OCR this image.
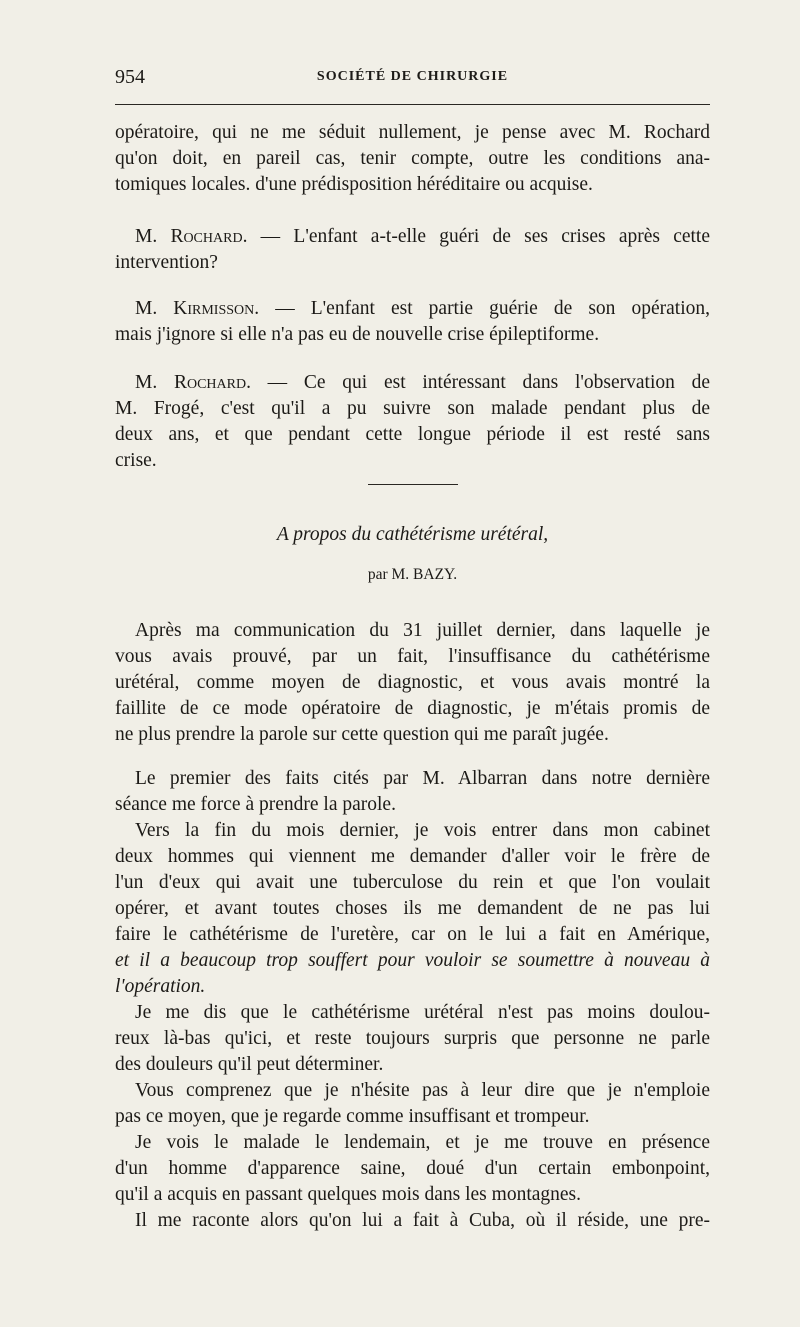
954	SOCIÉTÉ DE CHIRURGIE

opératoire, qui ne me séduit nullement, je pense avec M. Rochard

qu'on doit, en pareil cas, tenir compte, outre les conditions ana-

tomiques locales. d'une prédisposition héréditaire ou acquise.

M. Rochard. — L'enfant a-t-elle guéri de ses crises après cette

intervention?

M. Kirmisson. — L'enfant est partie guérie de son opération,

mais j'ignore si elle n'a pas eu de nouvelle crise épileptiforme.

M. Rochard. — Ce qui est intéressant dans l'observation de

M. Frogé, c'est qu'il a pu suivre son malade pendant plus de

deux ans, et que pendant cette longue période il est resté sans

crise.

A propos du cathétérisme urétéral,
par M. BAZY.

Après ma communication du 31 juillet dernier, dans laquelle je

vous avais prouvé, par un fait, l'insuffisance du cathétérisme

urétéral, comme moyen de diagnostic, et vous avais montré la

faillite de ce mode opératoire de diagnostic, je m'étais promis de

ne plus prendre la parole sur cette question qui me paraît jugée.

Le premier des faits cités par M. Albarran dans notre dernière

séance me force à prendre la parole.

Vers la fin du mois dernier, je vois entrer dans mon cabinet

deux hommes qui viennent me demander d'aller voir le frère de

l'un d'eux qui avait une tuberculose du rein et que l'on voulait

opérer, et avant toutes choses ils me demandent de ne pas lui

faire le cathétérisme de l'uretère, car on le lui a fait en Amérique,

et il a beaucoup trop souffert pour vouloir se soumettre à nouveau à

l'opération.

Je me dis que le cathétérisme urétéral n'est pas moins doulou-

reux là-bas qu'ici, et reste toujours surpris que personne ne parle

des douleurs qu'il peut déterminer.

Vous comprenez que je n'hésite pas à leur dire que je n'emploie

pas ce moyen, que je regarde comme insuffisant et trompeur.

Je vois le malade le lendemain, et je me trouve en présence

d'un homme d'apparence saine, doué d'un certain embonpoint,

qu'il a acquis en passant quelques mois dans les montagnes.

Il me raconte alors qu'on lui a fait à Cuba, où il réside, une pre-
